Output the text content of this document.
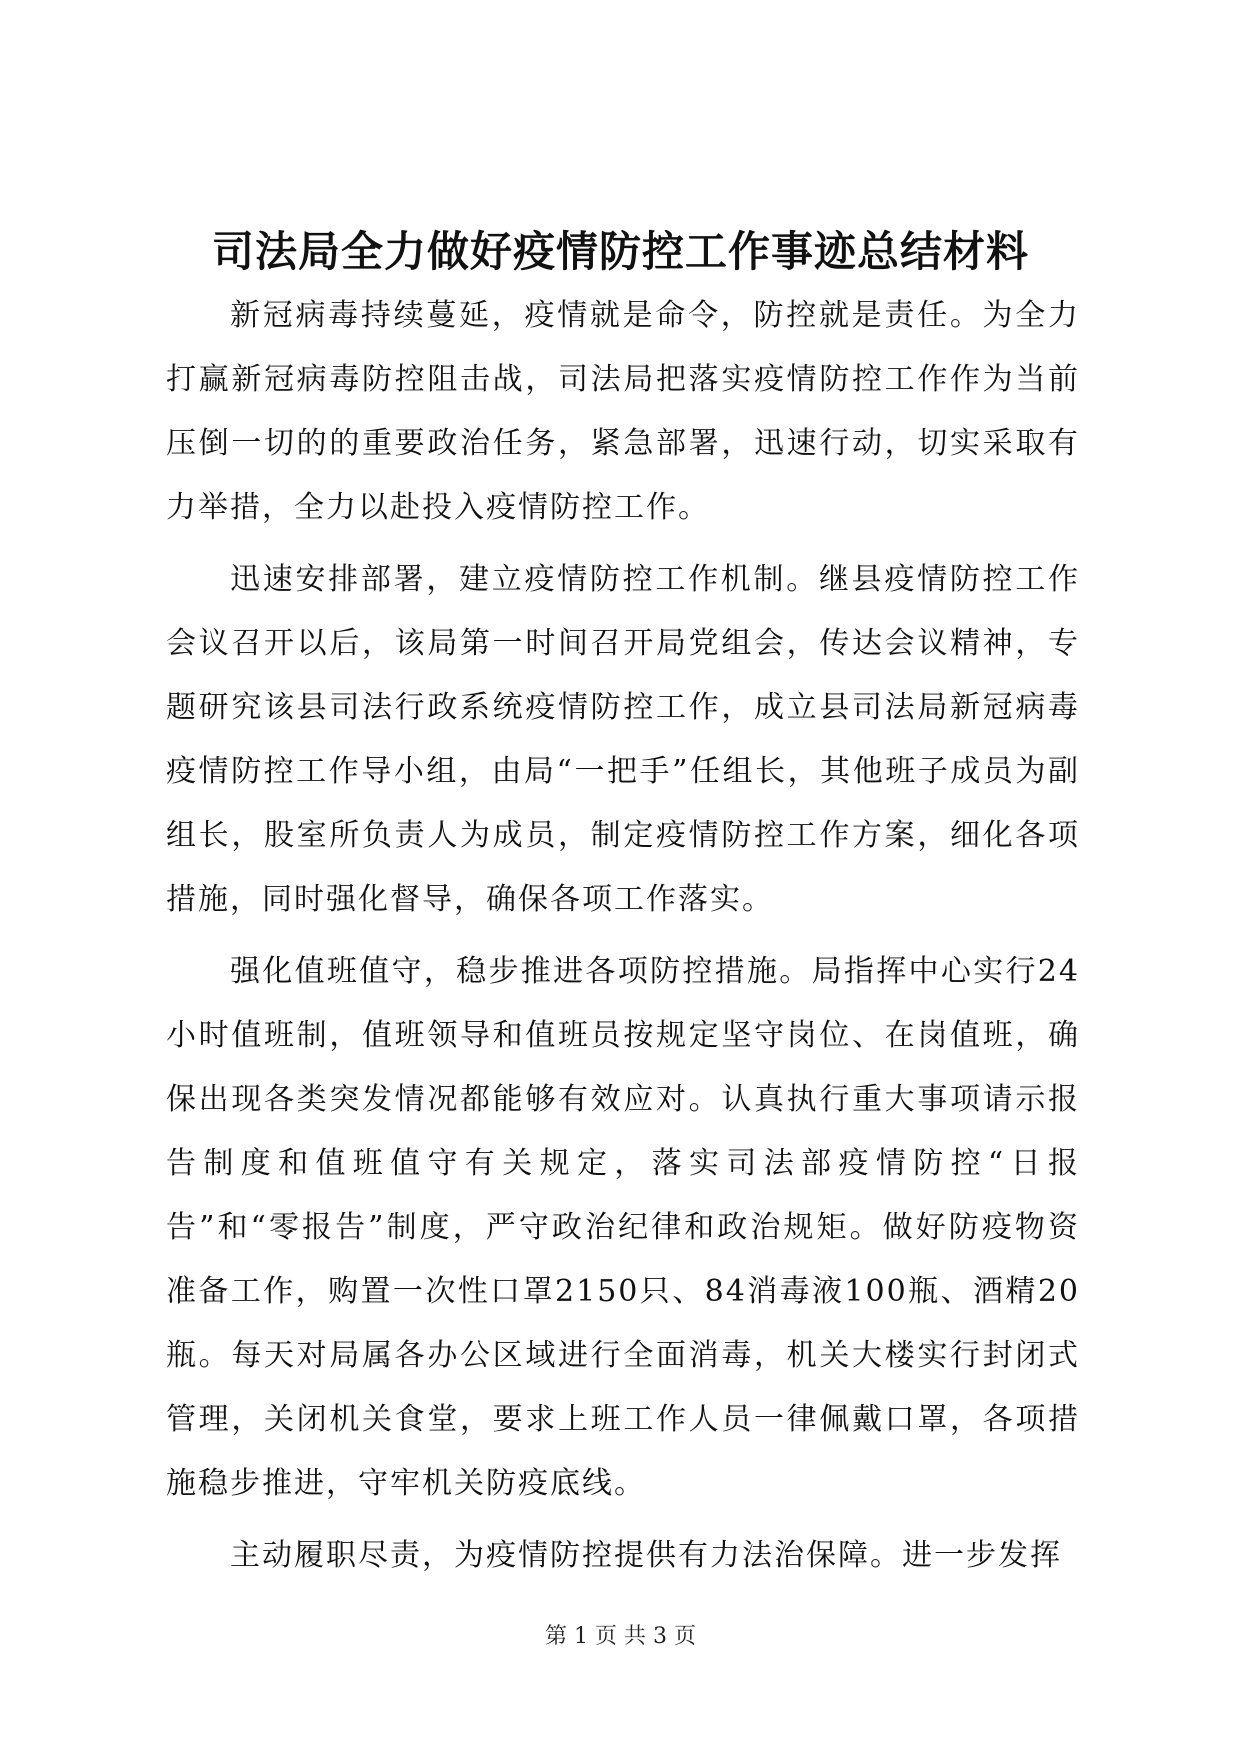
司法局全力做好疫情防控工作事迹总结材料

新冠病毒持续蔓延，疫情就是命令，防控就是责任。为全力打赢新冠病毒防控阻击战，司法局把落实疫情防控工作作为当前压倒一切的的重要政治任务，紧急部署，迅速行动，切实采取有力举措，全力以赴投入疫情防控工作。

迅速安排部署，建立疫情防控工作机制。继县疫情防控工作会议召开以后，该局第一时间召开局党组会，传达会议精神，专题研究该县司法行政系统疫情防控工作，成立县司法局新冠病毒疫情防控工作导小组，由局“一把手”任组长，其他班子成员为副组长，股室所负责人为成员，制定疫情防控工作方案，细化各项措施，同时强化督导，确保各项工作落实。

强化值班值守，稳步推进各项防控措施。局指挥中心实行24小时值班制，值班领导和值班员按规定坚守岗位、在岗值班，确保出现各类突发情况都能够有效应对。认真执行重大事项请示报告制度和值班值守有关规定，落实司法部疫情防控“日报告”和“零报告”制度，严守政治纪律和政治规矩。做好防疫物资准备工作，购置一次性口罩2150只、84消毒液100瓶、酒精20瓶。每天对局属各办公区域进行全面消毒，机关大楼实行封闭式管理，关闭机关食堂，要求上班工作人员一律佩戴口罩，各项措施稳步推进，守牢机关防疫底线。

主动履职尽责，为疫情防控提供有力法治保障。进一步发挥

第 1 页 共 3 页
